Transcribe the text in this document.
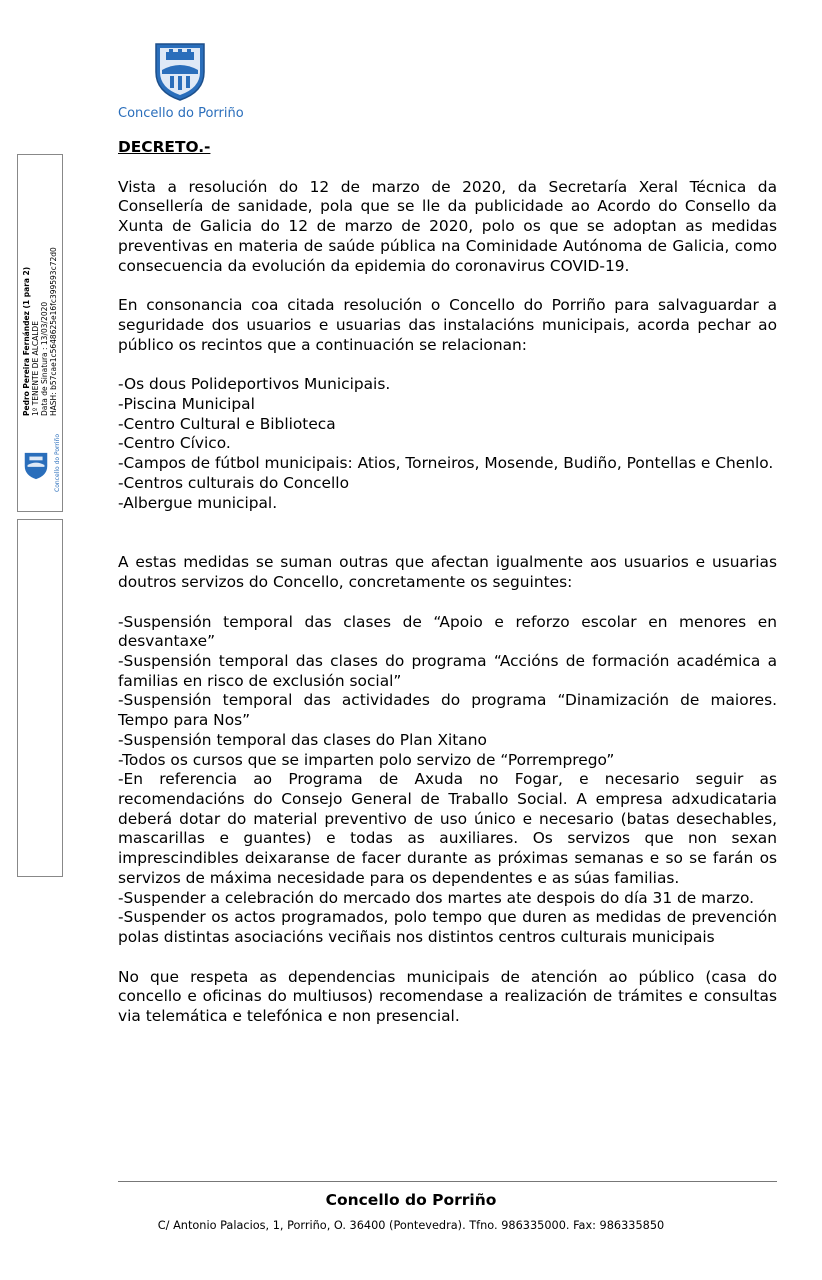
Concello do Porriño
Pedro Pereira Fernández (1 para 2) 1º TENENTE DE ALCALDE Data de Sinatura : 13/03/2020 HASH: b57cae1c5648625e16fc399593c72d0
Concello do Porriño
DECRETO.-

Vista a resolución do 12 de marzo de 2020, da Secretaría Xeral Técnica da Consellería de sanidade, pola que se lle da publicidade ao Acordo do Consello da Xunta de Galicia do 12 de marzo de 2020, polo os que se adoptan as medidas preventivas en materia de saúde pública na Cominidade Autónoma de Galicia, como consecuencia da evolución da epidemia do coronavirus COVID-19.

En consonancia coa citada resolución o Concello do Porriño para salvaguardar a seguridade dos usuarios e usuarias das instalacións municipais, acorda pechar ao público os recintos que a continuación se relacionan:

-Os dous Polideportivos Municipais.

-Piscina Municipal

-Centro Cultural e Biblioteca

-Centro Cívico.

-Campos de fútbol municipais: Atios, Torneiros, Mosende, Budiño, Pontellas e Chenlo.

-Centros culturais do Concello

-Albergue municipal.

A estas medidas se suman outras que afectan igualmente aos usuarios e usuarias doutros servizos do Concello, concretamente os seguintes:

-Suspensión temporal das clases de “Apoio e reforzo escolar en menores en desvantaxe”

-Suspensión temporal das clases do programa “Accións de formación académica a familias en risco de exclusión social”

-Suspensión temporal das actividades do programa “Dinamización de maiores. Tempo para Nos”

-Suspensión temporal das clases do Plan Xitano

-Todos os cursos que se imparten polo servizo de “Porremprego”

-En referencia ao Programa de Axuda no Fogar, e necesario seguir as recomendacións do Consejo General de Traballo Social. A empresa adxudicataria deberá dotar do material preventivo de uso único e necesario (batas desechables, mascarillas e guantes) e todas as auxiliares. Os servizos que non sexan imprescindibles deixaranse de facer durante as próximas semanas e so se farán os servizos de máxima necesidade para os dependentes e as súas familias.

-Suspender a celebración do mercado dos martes ate despois do día 31 de marzo.

-Suspender os actos programados, polo tempo que duren as medidas de prevención polas distintas asociacións veciñais nos distintos centros culturais municipais

No que respeta as dependencias municipais de atención ao público (casa do concello e oficinas do multiusos) recomendase a realización de trámites e consultas via telemática e telefónica e non presencial.

Concello do Porriño
C/ Antonio Palacios, 1, Porriño, O. 36400 (Pontevedra). Tfno. 986335000. Fax: 986335850
